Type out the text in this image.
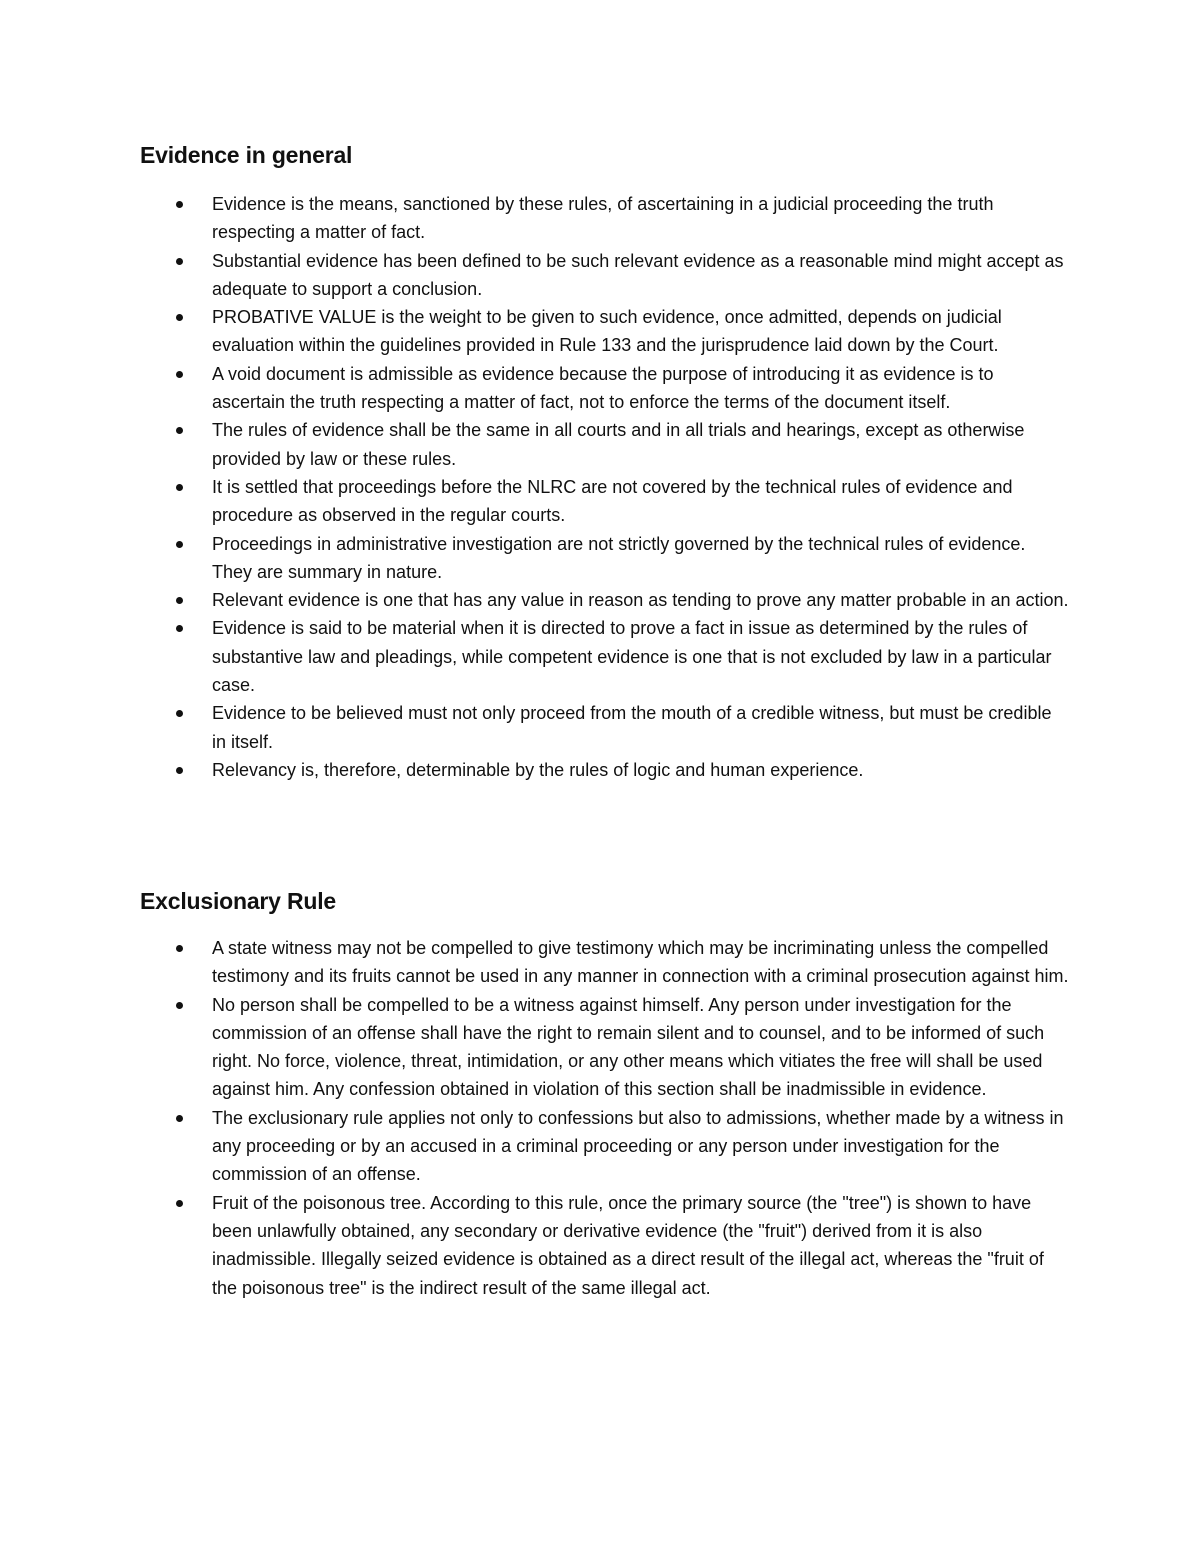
Evidence in general
Evidence is the means, sanctioned by these rules, of ascertaining in a judicial proceeding the truth respecting a matter of fact.
Substantial evidence has been defined to be such relevant evidence as a reasonable mind might accept as adequate to support a conclusion.
PROBATIVE VALUE is the weight to be given to such evidence, once admitted, depends on judicial evaluation within the guidelines provided in Rule 133 and the jurisprudence laid down by the Court.
A void document is admissible as evidence because the purpose of introducing it as evidence is to ascertain the truth respecting a matter of fact, not to enforce the terms of the document itself.
The rules of evidence shall be the same in all courts and in all trials and hearings, except as otherwise provided by law or these rules.
It is settled that proceedings before the NLRC are not covered by the technical rules of evidence and procedure as observed in the regular courts.
Proceedings in administrative investigation are not strictly governed by the technical rules of evidence. They are summary in nature.
Relevant evidence is one that has any value in reason as tending to prove any matter probable in an action.
Evidence is said to be material when it is directed to prove a fact in issue as determined by the rules of substantive law and pleadings, while competent evidence is one that is not excluded by law in a particular case.
Evidence to be believed must not only proceed from the mouth of a credible witness, but must be credible in itself.
Relevancy is, therefore, determinable by the rules of logic and human experience.
Exclusionary Rule
A state witness may not be compelled to give testimony which may be incriminating unless the compelled testimony and its fruits cannot be used in any manner in connection with a criminal prosecution against him.
No person shall be compelled to be a witness against himself. Any person under investigation for the commission of an offense shall have the right to remain silent and to counsel, and to be informed of such right. No force, violence, threat, intimidation, or any other means which vitiates the free will shall be used against him. Any confession obtained in violation of this section shall be inadmissible in evidence.
The exclusionary rule applies not only to confessions but also to admissions, whether made by a witness in any proceeding or by an accused in a criminal proceeding or any person under investigation for the commission of an offense.
Fruit of the poisonous tree. According to this rule, once the primary source (the "tree") is shown to have been unlawfully obtained, any secondary or derivative evidence (the "fruit") derived from it is also inadmissible. Illegally seized evidence is obtained as a direct result of the illegal act, whereas the "fruit of the poisonous tree" is the indirect result of the same illegal act.
